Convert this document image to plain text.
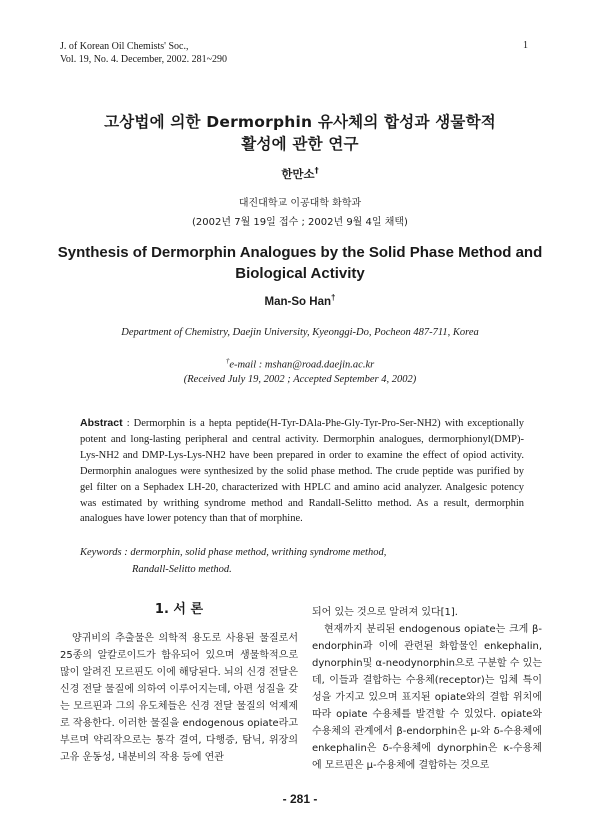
J. of Korean Oil Chemists' Soc.,
Vol. 19, No. 4. December, 2002. 281~290
1
고상법에 의한 Dermorphin 유사체의 합성과 생물학적
활성에 관한 연구
한만소†
대진대학교 이공대학 화학과
(2002년 7월 19일 접수 ; 2002년 9월 4일 채택)
Synthesis of Dermorphin Analogues by the Solid Phase Method and
Biological Activity
Man-So Han†
Department of Chemistry, Daejin University, Kyeonggi-Do, Pocheon 487-711, Korea
†e-mail : mshan@road.daejin.ac.kr
(Received July 19, 2002 ; Accepted September 4, 2002)
Abstract : Dermorphin is a hepta peptide(H-Tyr-DAla-Phe-Gly-Tyr-Pro-Ser-NH2) with exceptionally potent and long-lasting peripheral and central activity. Dermorphin analogues, dermorphionyl(DMP)-Lys-NH2 and DMP-Lys-Lys-NH2 have been prepared in order to examine the effect of opiod activity. Dermorphin analogues were synthesized by the solid phase method. The crude peptide was purified by gel filter on a Sephadex LH-20, characterized with HPLC and amino acid analyzer. Analgesic potency was estimated by writhing syndrome method and Randall-Selitto method. As a result, dermorphin analogues have lower potency than that of morphine.
Keywords : dermorphin, solid phase method, writhing syndrome method,
Randall-Selitto method.
1. 서 론

양귀비의 추출물은 의학적 용도로 사용된 물질로서 25종의 알칼로이드가 함유되어 있으며 생물학적으로 많이 알려진 모르핀도 이에 해당된다. 뇌의 신경 전달은 신경 전달 물질에 의하여 이루어지는데, 아편 성질을 갖는 모르핀과 그의 유도체들은 신경 전달 물질의 억제제로 작용한다. 이러한 물질을 endogenous opiate라고 부르며 약리작으로는 통각 결여, 다행증, 탐닉, 위장의 고유 운동성, 내분비의 작용 등에 연관

되어 있는 것으로 알려져 있다[1].

현재까지 분리된 endogenous opiate는 크게 β-endorphin과 이에 관련된 화합물인 enkephalin, dynorphin및 α-neodynorphin으로 구분할 수 있는데, 이들과 결합하는 수용체(receptor)는 입체 특이성을 가지고 있으며 표지된 opiate와의 결합 위치에 따라 opiate 수용체를 발견할 수 있었다. opiate와 수용체의 관계에서 β-endorphin은 μ-와 δ-수용체에 enkephalin은 δ-수용체에 dynorphin은 κ-수용체에 모르핀은 μ-수용체에 결합하는 것으로

- 281 -
